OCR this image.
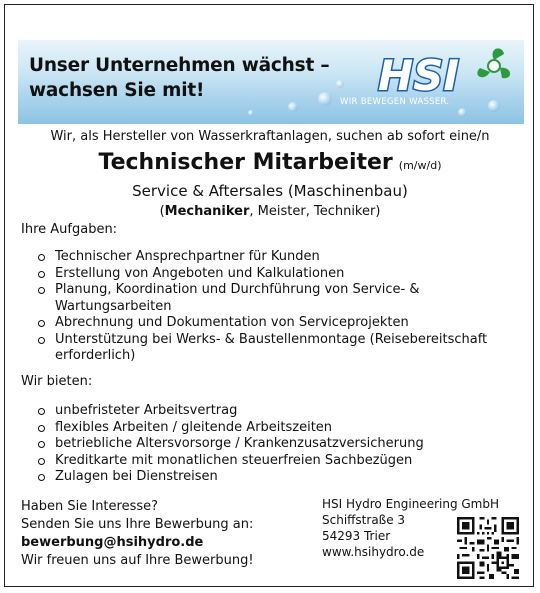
Unser Unternehmen wächst –
wachsen Sie mit!	HSI
WIR BEWEGEN WASSER.
Wir, als Hersteller von Wasserkraftanlagen, suchen ab sofort eine/n
Technischer Mitarbeiter (m/w/d)
Service & Aftersales (Maschinenbau)
(Mechaniker, Meister, Techniker)
Ihre Aufgaben:
Technischer Ansprechpartner für Kunden
Erstellung von Angeboten und Kalkulationen
Planung, Koordination und Durchführung von Service- & Wartungsarbeiten
Abrechnung und Dokumentation von Serviceprojekten
Unterstützung bei Werks- & Baustellenmontage (Reisebereitschaft erforderlich)
Wir bieten:
unbefristeter Arbeitsvertrag
flexibles Arbeiten / gleitende Arbeitszeiten
betriebliche Altersvorsorge / Krankenzusatzversicherung
Kreditkarte mit monatlichen steuerfreien Sachbezügen
Zulagen bei Dienstreisen
Haben Sie Interesse?
Senden Sie uns Ihre Bewerbung an:
bewerbung@hsihydro.de
Wir freuen uns auf Ihre Bewerbung!
HSI Hydro Engineering GmbH
Schiffstraße 3
54293 Trier
www.hsihydro.de
